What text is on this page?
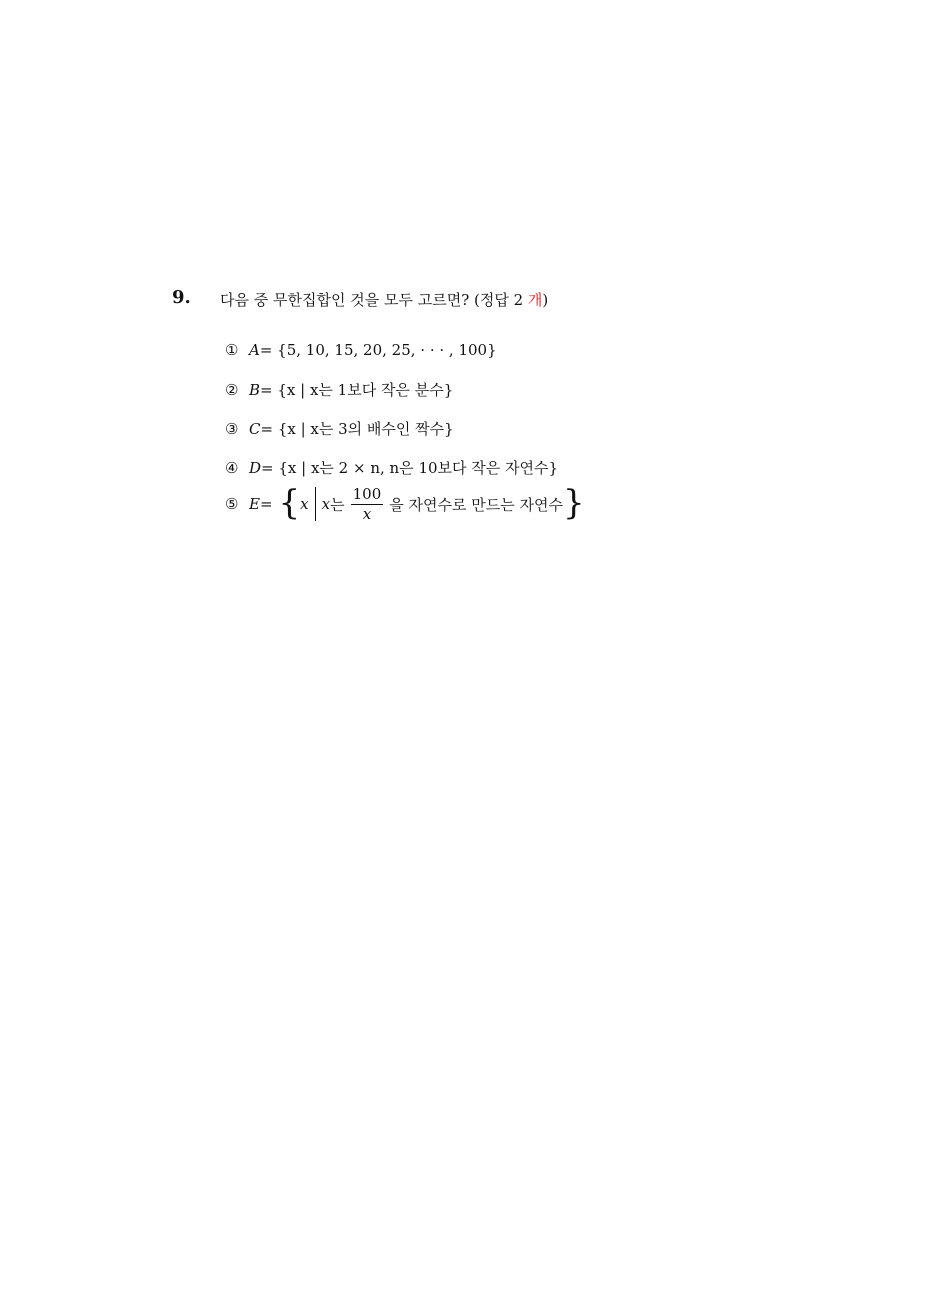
9. 다음 중 무한집합인 것을 모두 고르면? (정답 2 개)
① A = {5, 10, 15, 20, 25, · · · , 100}
② B = {x | x는 1보다 작은 분수}
③ C = {x | x는 3의 배수인 짝수}
④ D = {x | x는 2 × n, n은 10보다 작은 자연수}
⑤ E = { x x 는 $\frac{100}{x}$ 을 자연수로 만드는 자연수 }
